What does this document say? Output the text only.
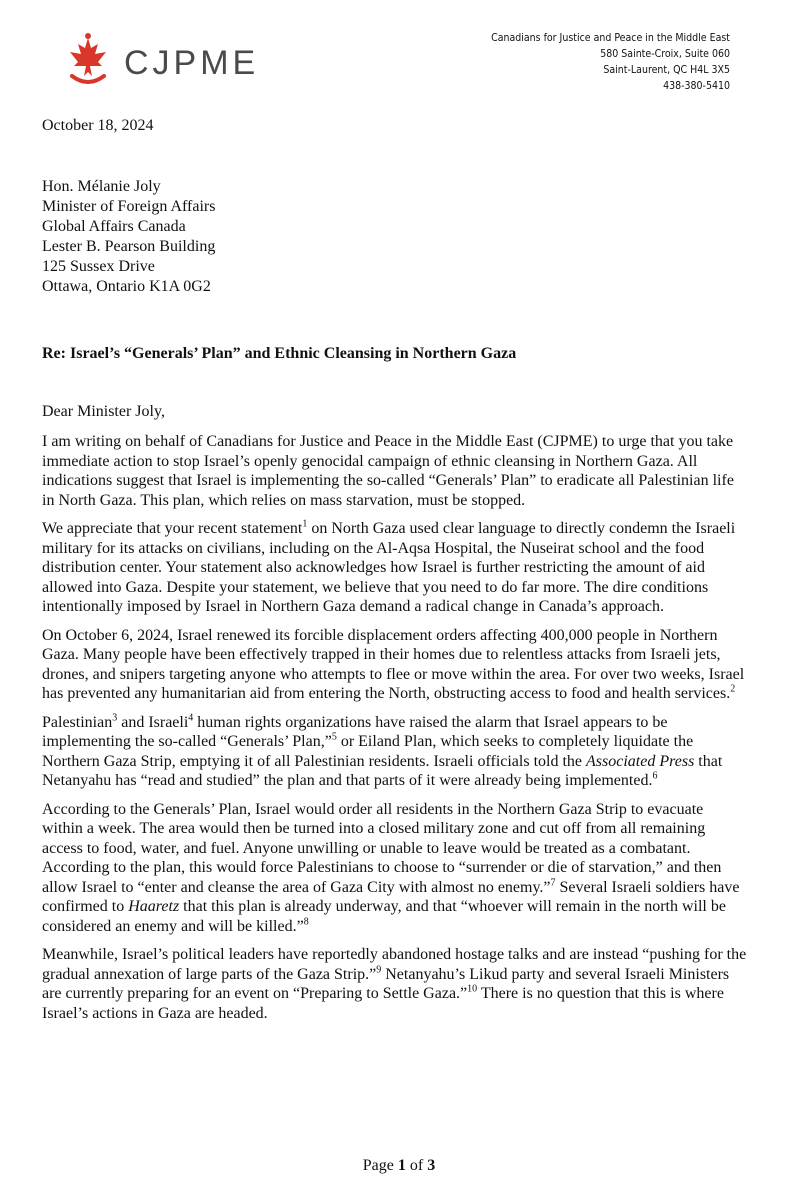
CJPME
Canadians for Justice and Peace in the Middle East
580 Sainte-Croix, Suite 060
Saint-Laurent, QC H4L 3X5
438-380-5410
October 18, 2024
Hon. Mélanie Joly
Minister of Foreign Affairs
Global Affairs Canada
Lester B. Pearson Building
125 Sussex Drive
Ottawa, Ontario K1A 0G2
Re: Israel’s “Generals’ Plan” and Ethnic Cleansing in Northern Gaza
Dear Minister Joly,

I am writing on behalf of Canadians for Justice and Peace in the Middle East (CJPME) to urge that you take immediate action to stop Israel’s openly genocidal campaign of ethnic cleansing in Northern Gaza. All indications suggest that Israel is implementing the so-called “Generals’ Plan” to eradicate all Palestinian life in North Gaza. This plan, which relies on mass starvation, must be stopped.

We appreciate that your recent statement$^1$ on North Gaza used clear language to directly condemn the Israeli military for its attacks on civilians, including on the Al-Aqsa Hospital, the Nuseirat school and the food distribution center. Your statement also acknowledges how Israel is further restricting the amount of aid allowed into Gaza. Despite your statement, we believe that you need to do far more. The dire conditions intentionally imposed by Israel in Northern Gaza demand a radical change in Canada’s approach.

On October 6, 2024, Israel renewed its forcible displacement orders affecting 400,000 people in Northern Gaza. Many people have been effectively trapped in their homes due to relentless attacks from Israeli jets, drones, and snipers targeting anyone who attempts to flee or move within the area. For over two weeks, Israel has prevented any humanitarian aid from entering the North, obstructing access to food and health services.$^2$

Palestinian$^3$ and Israeli$^4$ human rights organizations have raised the alarm that Israel appears to be implementing the so-called “Generals’ Plan,”$^5$ or Eiland Plan, which seeks to completely liquidate the Northern Gaza Strip, emptying it of all Palestinian residents. Israeli officials told the Associated Press that Netanyahu has “read and studied” the plan and that parts of it were already being implemented.$^6$

According to the Generals’ Plan, Israel would order all residents in the Northern Gaza Strip to evacuate within a week. The area would then be turned into a closed military zone and cut off from all remaining access to food, water, and fuel. Anyone unwilling or unable to leave would be treated as a combatant. According to the plan, this would force Palestinians to choose to “surrender or die of starvation,” and then allow Israel to “enter and cleanse the area of Gaza City with almost no enemy.”$^7$ Several Israeli soldiers have confirmed to Haaretz that this plan is already underway, and that “whoever will remain in the north will be considered an enemy and will be killed.”$^8$

Meanwhile, Israel’s political leaders have reportedly abandoned hostage talks and are instead “pushing for the gradual annexation of large parts of the Gaza Strip.”$^9$ Netanyahu’s Likud party and several Israeli Ministers are currently preparing for an event on “Preparing to Settle Gaza.”$^{10}$ There is no question that this is where Israel’s actions in Gaza are headed.

Page 1 of 3
